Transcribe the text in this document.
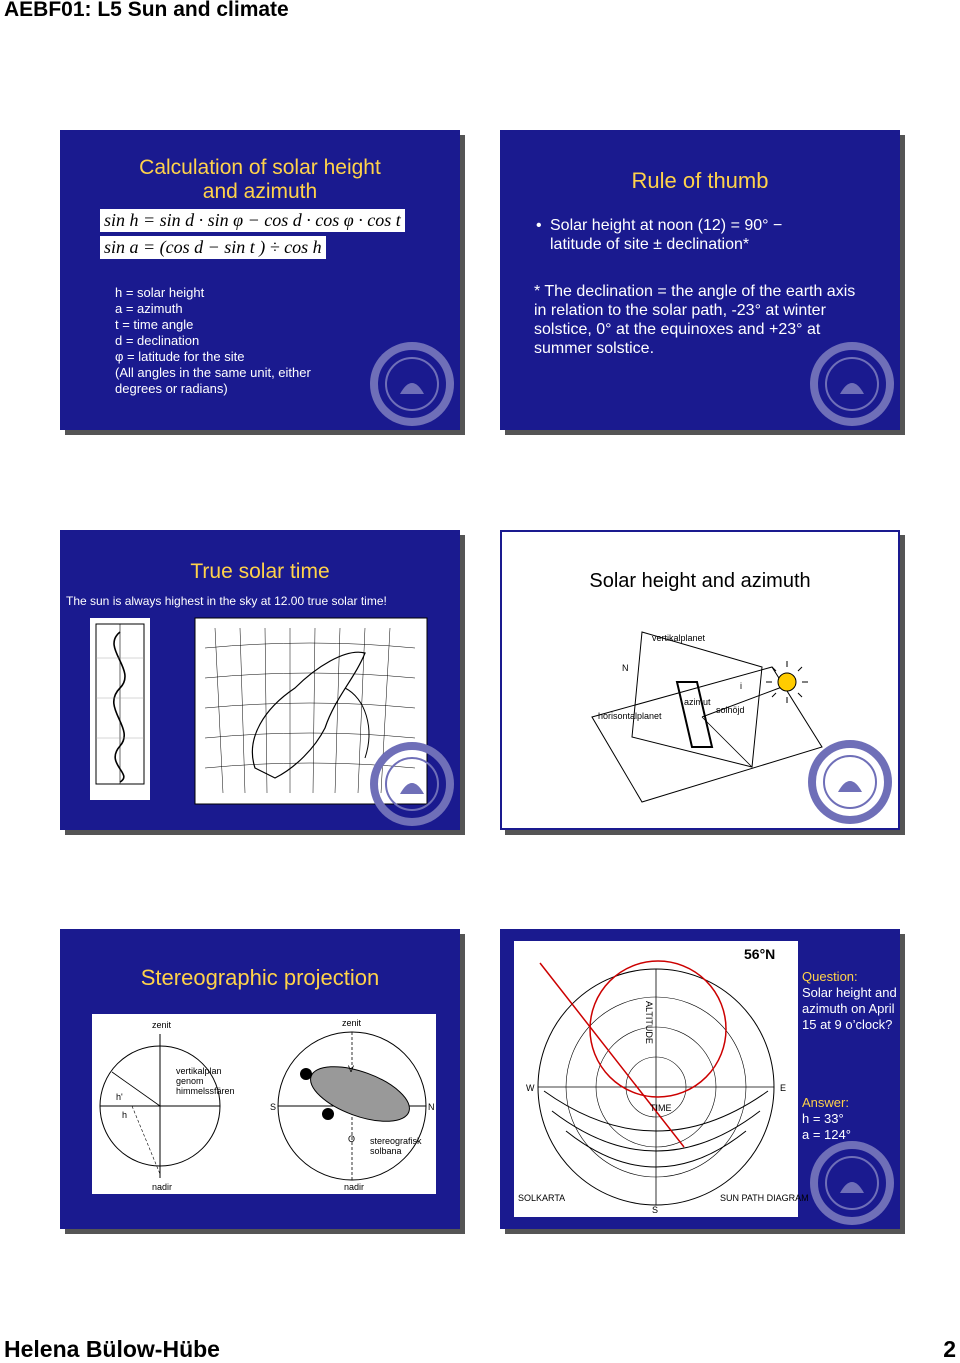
AEBF01: L5 Sun and climate
Calculation of solar height
and azimuth
sin h = sin d · sin φ − cos d · cos φ · cos t
sin a = (cos d − sin t ) ÷ cos h
h = solar height
a = azimuth
t = time angle
d = declination
φ = latitude for the site
(All angles in the same unit, either
degrees or radians)
Rule of thumb
• Solar height at noon (12) = 90° −
latitude of site ± declination*
* The declination = the angle of the earth axis in relation to the solar path, -23° at winter solstice, 0° at the equinoxes and +23° at summer solstice.
True solar time
The sun is always highest in the sky at 12.00 true solar time!
Solar height and azimuth
vertikalplanet
N
horisontalplanet
azimut
solhöjd
i
Stereographic projection
zenit
vertikalplan
genom
himmelssfären
h'
h
nadir
zenit
S	N
V
O stereografisk
solbana
nadir
W	E
S
TIME
ALTITUDE
SOLKARTA	SUN PATH DIAGRAM
56°N
Question:
Solar height and azimuth on April 15 at 9 o’clock?
Answer:
h = 33°
a = 124°
Helena Bülow-Hübe	2
